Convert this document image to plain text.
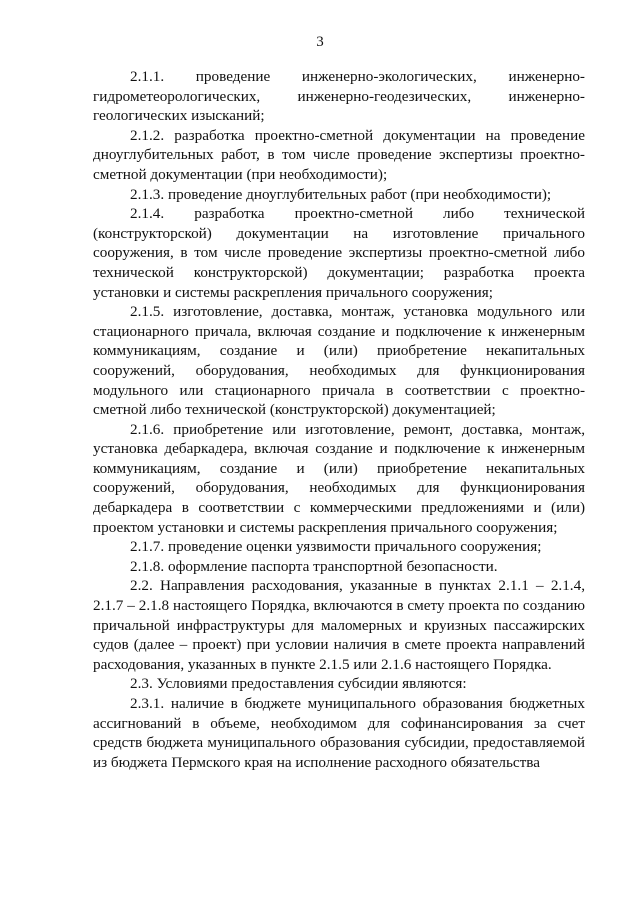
3

2.1.1. проведение инженерно-экологических, инженерно-гидрометеорологических, инженерно-геодезических, инженерно-геологических изысканий;

2.1.2. разработка проектно-сметной документации на проведение дноуглубительных работ, в том числе проведение экспертизы проектно-сметной документации (при необходимости);

2.1.3. проведение дноуглубительных работ (при необходимости);

2.1.4. разработка проектно-сметной либо технической (конструкторской) документации на изготовление причального сооружения, в том числе проведение экспертизы проектно-сметной либо технической конструкторской) документации; разработка проекта установки и системы раскрепления причального сооружения;

2.1.5. изготовление, доставка, монтаж, установка модульного или стационарного причала, включая создание и подключение к инженерным коммуникациям, создание и (или) приобретение некапитальных сооружений, оборудования, необходимых для функционирования модульного или стационарного причала в соответствии с проектно-сметной либо технической (конструкторской) документацией;

2.1.6. приобретение или изготовление, ремонт, доставка, монтаж, установка дебаркадера, включая создание и подключение к инженерным коммуникациям, создание и (или) приобретение некапитальных сооружений, оборудования, необходимых для функционирования дебаркадера в соответствии с коммерческими предложениями и (или) проектом установки и системы раскрепления причального сооружения;

2.1.7. проведение оценки уязвимости причального сооружения;

2.1.8. оформление паспорта транспортной безопасности.

2.2. Направления расходования, указанные в пунктах 2.1.1 – 2.1.4, 2.1.7 – 2.1.8 настоящего Порядка, включаются в смету проекта по созданию причальной инфраструктуры для маломерных и круизных пассажирских судов (далее – проект) при условии наличия в смете проекта направлений расходования, указанных в пункте 2.1.5 или 2.1.6 настоящего Порядка.

2.3. Условиями предоставления субсидии являются:

2.3.1. наличие в бюджете муниципального образования бюджетных ассигнований в объеме, необходимом для софинансирования за счет средств бюджета муниципального образования субсидии, предоставляемой из бюджета Пермского края на исполнение расходного обязательства
